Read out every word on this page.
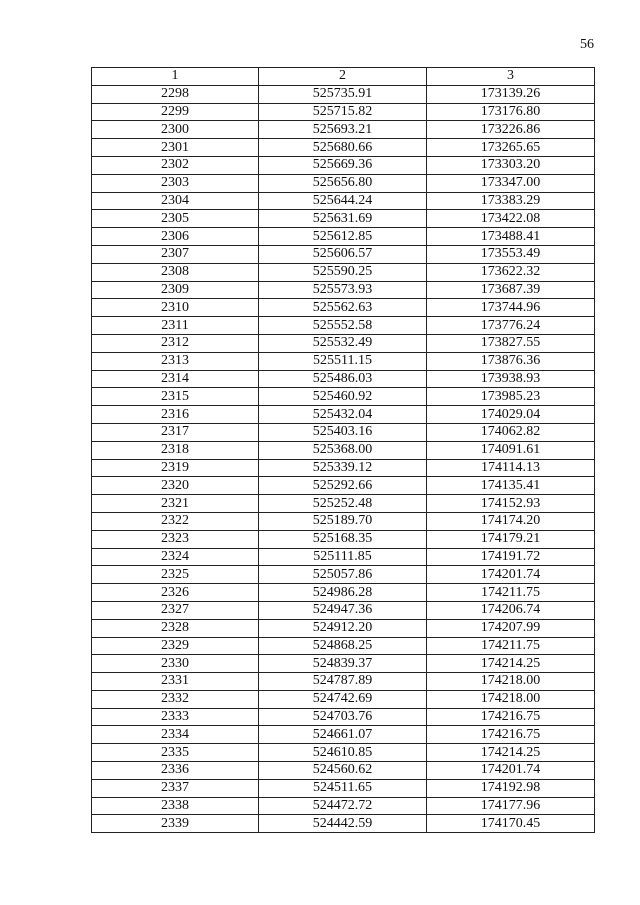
56
1	2	3
2298	525735.91	173139.26
2299	525715.82	173176.80
2300	525693.21	173226.86
2301	525680.66	173265.65
2302	525669.36	173303.20
2303	525656.80	173347.00
2304	525644.24	173383.29
2305	525631.69	173422.08
2306	525612.85	173488.41
2307	525606.57	173553.49
2308	525590.25	173622.32
2309	525573.93	173687.39
2310	525562.63	173744.96
2311	525552.58	173776.24
2312	525532.49	173827.55
2313	525511.15	173876.36
2314	525486.03	173938.93
2315	525460.92	173985.23
2316	525432.04	174029.04
2317	525403.16	174062.82
2318	525368.00	174091.61
2319	525339.12	174114.13
2320	525292.66	174135.41
2321	525252.48	174152.93
2322	525189.70	174174.20
2323	525168.35	174179.21
2324	525111.85	174191.72
2325	525057.86	174201.74
2326	524986.28	174211.75
2327	524947.36	174206.74
2328	524912.20	174207.99
2329	524868.25	174211.75
2330	524839.37	174214.25
2331	524787.89	174218.00
2332	524742.69	174218.00
2333	524703.76	174216.75
2334	524661.07	174216.75
2335	524610.85	174214.25
2336	524560.62	174201.74
2337	524511.65	174192.98
2338	524472.72	174177.96
2339	524442.59	174170.45
